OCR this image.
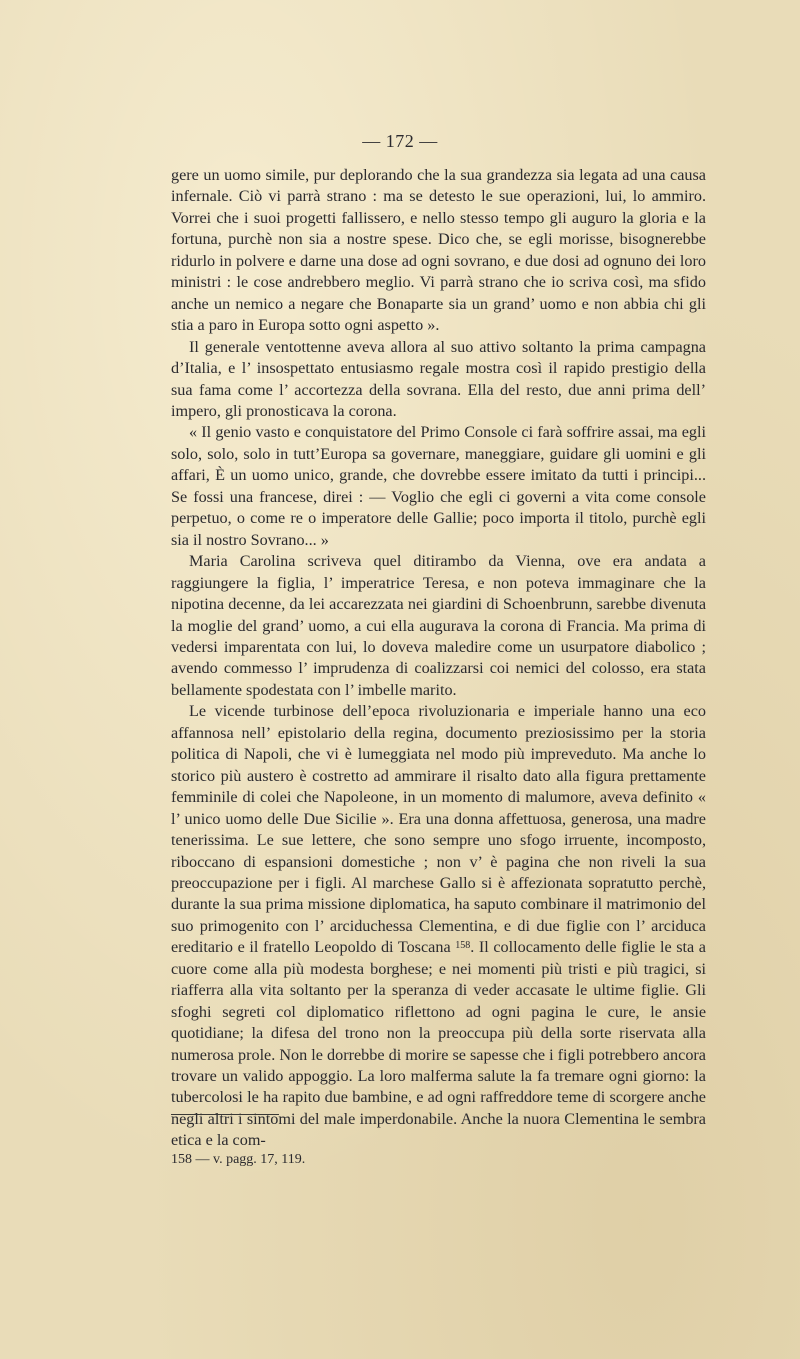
— 172 —

gere un uomo simile, pur deplorando che la sua grandezza sia legata ad una causa infernale. Ciò vi parrà strano : ma se detesto le sue operazioni, lui, lo ammiro. Vorrei che i suoi progetti fallissero, e nello stesso tempo gli auguro la gloria e la fortuna, purchè non sia a nostre spese. Dico che, se egli morisse, bisognerebbe ridurlo in polvere e darne una dose ad ogni sovrano, e due dosi ad ognuno dei loro ministri : le cose andrebbero meglio. Vi parrà strano che io scriva così, ma sfido anche un nemico a negare che Bonaparte sia un grand’ uomo e non abbia chi gli stia a paro in Europa sotto ogni aspetto ».

Il generale ventottenne aveva allora al suo attivo soltanto la prima campagna d’Italia, e l’ insospettato entusiasmo regale mostra così il rapido prestigio della sua fama come l’ accortezza della sovrana. Ella del resto, due anni prima dell’ impero, gli pronosticava la corona.

« Il genio vasto e conquistatore del Primo Console ci farà soffrire assai, ma egli solo, solo, solo in tutt’Europa sa governare, maneggiare, guidare gli uomini e gli affari, È un uomo unico, grande, che dovrebbe essere imitato da tutti i principi... Se fossi una francese, direi : — Voglio che egli ci governi a vita come console perpetuo, o come re o imperatore delle Gallie; poco importa il titolo, purchè egli sia il nostro Sovrano... »

Maria Carolina scriveva quel ditirambo da Vienna, ove era andata a raggiungere la figlia, l’ imperatrice Teresa, e non poteva immaginare che la nipotina decenne, da lei accarezzata nei giardini di Schoenbrunn, sarebbe divenuta la moglie del grand’ uomo, a cui ella augurava la corona di Francia. Ma prima di vedersi imparentata con lui, lo doveva maledire come un usurpatore diabolico ; avendo commesso l’ imprudenza di coalizzarsi coi nemici del colosso, era stata bellamente spodestata con l’ imbelle marito.

Le vicende turbinose dell’epoca rivoluzionaria e imperiale hanno una eco affannosa nell’ epistolario della regina, documento preziosissimo per la storia politica di Napoli, che vi è lumeggiata nel modo più impreveduto. Ma anche lo storico più austero è costretto ad ammirare il risalto dato alla figura prettamente femminile di colei che Napoleone, in un momento di malumore, aveva definito « l’ unico uomo delle Due Sicilie ». Era una donna affettuosa, generosa, una madre tenerissima. Le sue lettere, che sono sempre uno sfogo irruente, incomposto, riboccano di espansioni domestiche ; non v’ è pagina che non riveli la sua preoccupazione per i figli. Al marchese Gallo si è affezionata sopratutto perchè, durante la sua prima missione diplomatica, ha saputo combinare il matrimonio del suo primogenito con l’ arciduchessa Clementina, e di due figlie con l’ arciduca ereditario e il fratello Leopoldo di Toscana $^{158}$. Il collocamento delle figlie le sta a cuore come alla più modesta borghese; e nei momenti più tristi e più tragici, si riafferra alla vita soltanto per la speranza di veder accasate le ultime figlie. Gli sfoghi segreti col diplomatico riflettono ad ogni pagina le cure, le ansie quotidiane; la difesa del trono non la preoccupa più della sorte riservata alla numerosa prole. Non le dorrebbe di morire se sapesse che i figli potrebbero ancora trovare un valido appoggio. La loro malferma salute la fa tremare ogni giorno: la tubercolosi le ha rapito due bambine, e ad ogni raffreddore teme di scorgere anche negli altri i sintomi del male imperdonabile. Anche la nuora Clementina le sembra etica e la com-

158 — v. pagg. 17, 119.
